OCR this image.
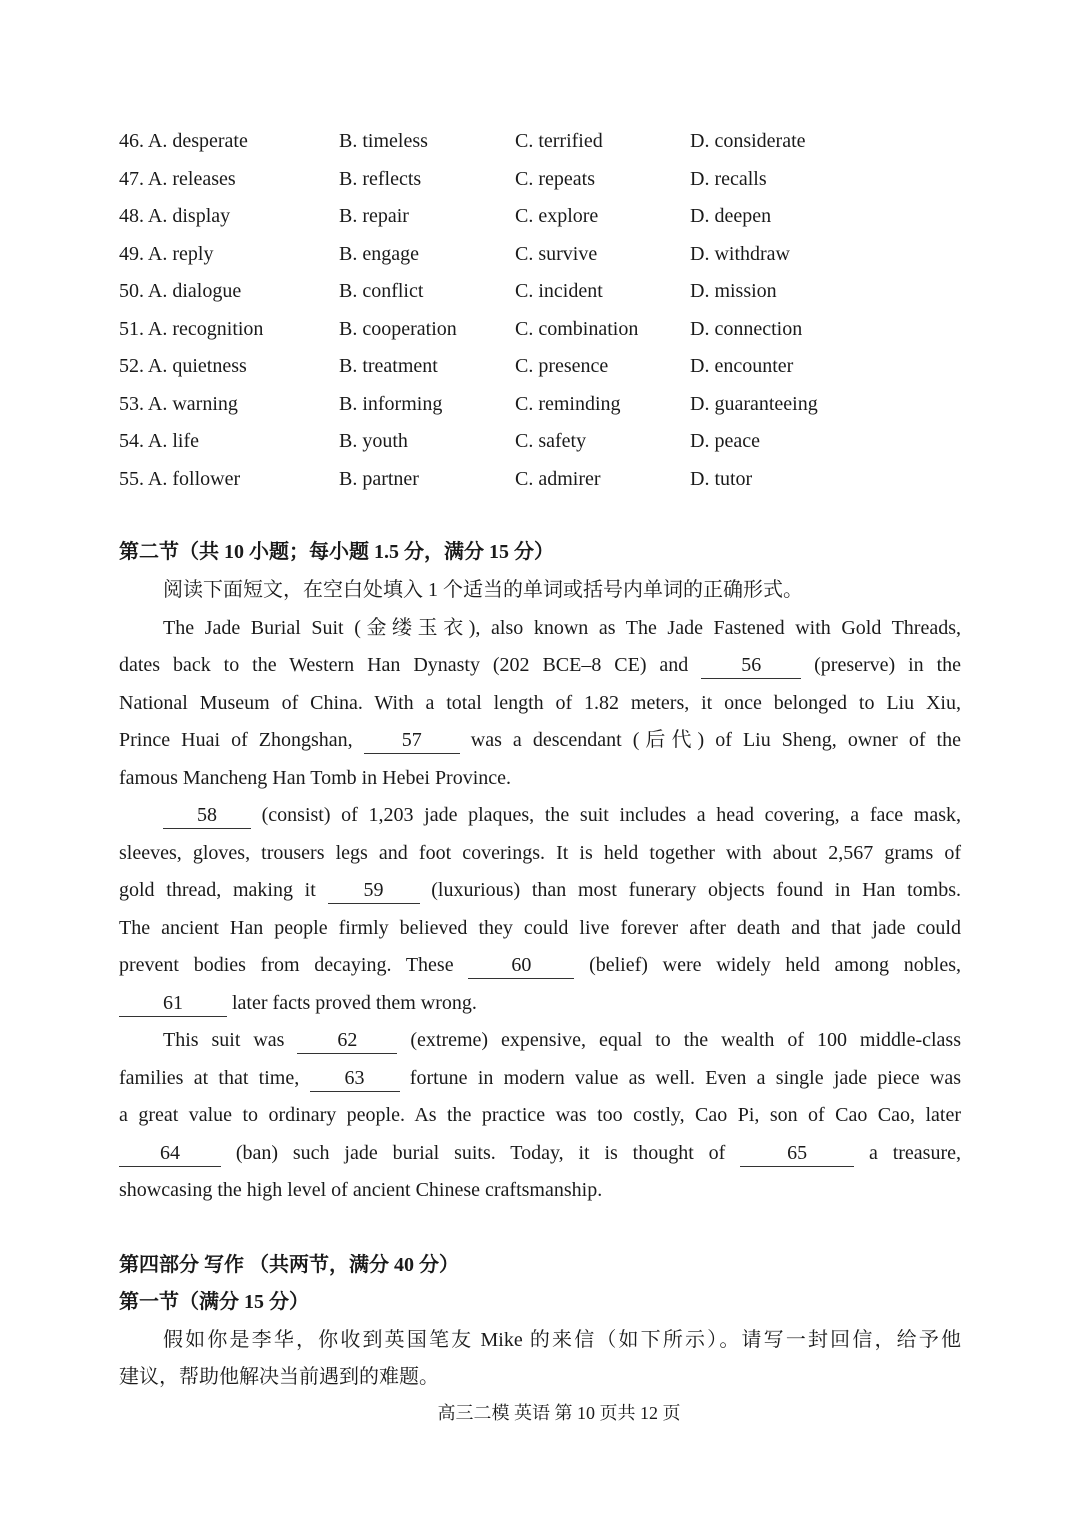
46. A. desperate	B. timeless	C. terrified	D. considerate
47. A. releases	B. reflects	C. repeats	D. recalls
48. A. display	B. repair	C. explore	D. deepen
49. A. reply	B. engage	C. survive	D. withdraw
50. A. dialogue	B. conflict	C. incident	D. mission
51. A. recognition	B. cooperation	C. combination	D. connection
52. A. quietness	B. treatment	C. presence	D. encounter
53. A. warning	B. informing	C. reminding	D. guaranteeing
54. A. life	B. youth	C. safety	D. peace
55. A. follower	B. partner	C. admirer	D. tutor
第二节（共 10 小题；每小题 1.5 分，满分 15 分）
阅读下面短文，在空白处填入 1 个适当的单词或括号内单词的正确形式。
The Jade Burial Suit (金缕玉衣), also known as The Jade Fastened with Gold Threads,
dates back to the Western Han Dynasty (202 BCE–8 CE) and 56 (preserve) in the
National Museum of China. With a total length of 1.82 meters, it once belonged to Liu Xiu,
Prince Huai of Zhongshan, 57 was a descendant (后代) of Liu Sheng, owner of the
famous Mancheng Han Tomb in Hebei Province.
58 (consist) of 1,203 jade plaques, the suit includes a head covering, a face mask,
sleeves, gloves, trousers legs and foot coverings. It is held together with about 2,567 grams of
gold thread, making it 59 (luxurious) than most funerary objects found in Han tombs.
The ancient Han people firmly believed they could live forever after death and that jade could
prevent bodies from decaying. These 60 (belief) were widely held among nobles,
61 later facts proved them wrong.
This suit was 62 (extreme) expensive, equal to the wealth of 100 middle-class
families at that time, 63 fortune in modern value as well. Even a single jade piece was
a great value to ordinary people. As the practice was too costly, Cao Pi, son of Cao Cao, later
64 (ban) such jade burial suits. Today, it is thought of 65 a treasure,
showcasing the high level of ancient Chinese craftsmanship.
第四部分 写作 （共两节，满分 40 分）
第一节（满分 15 分）
假如你是李华，你收到英国笔友 Mike 的来信（如下所示）。请写一封回信，给予他
建议，帮助他解决当前遇到的难题。
高三二模 英语 第 10 页共 12 页
